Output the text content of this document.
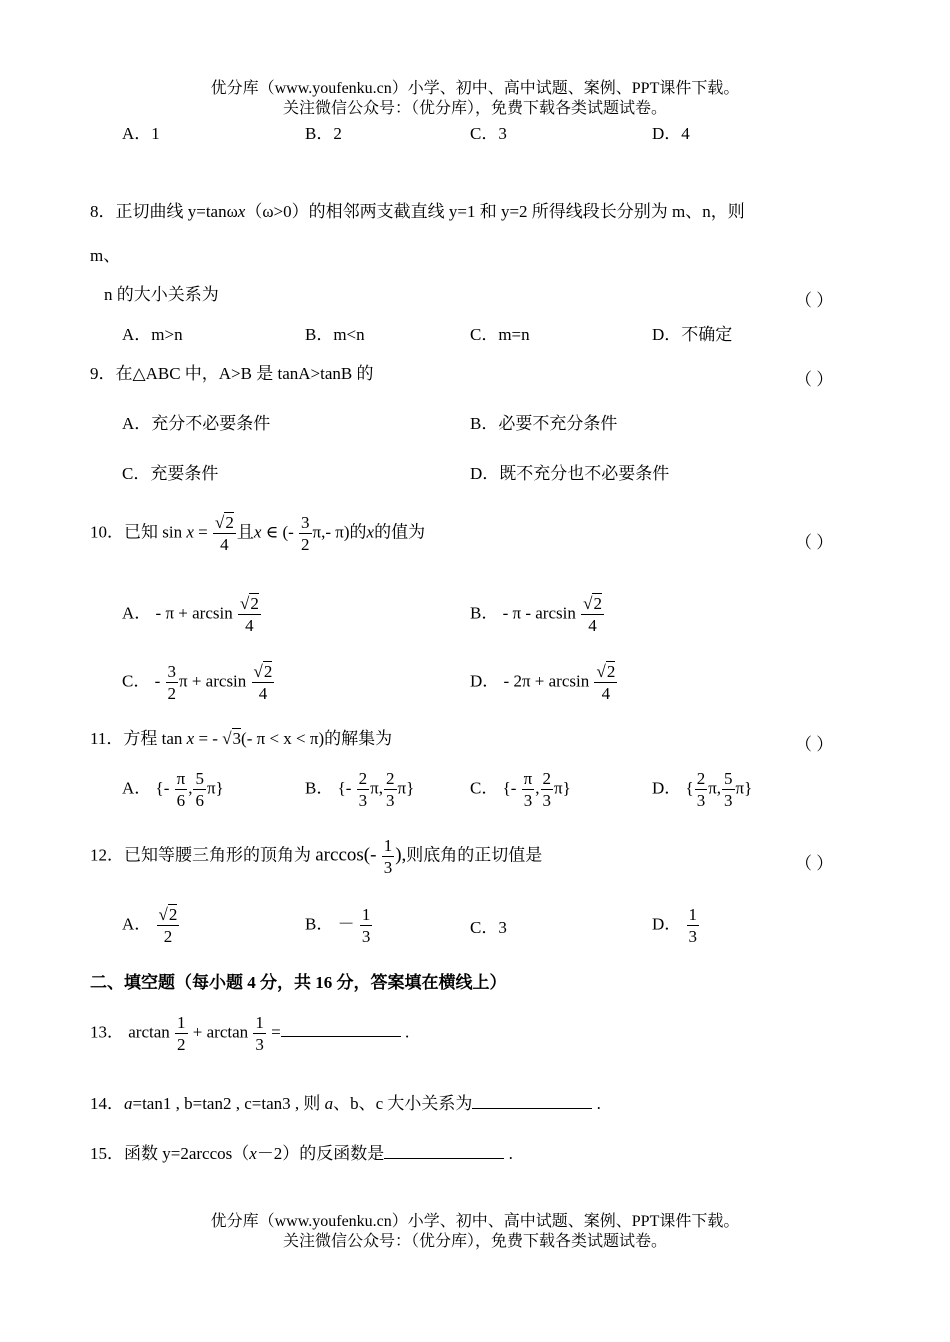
优分库（www.youfenku.cn）小学、初中、高中试题、案例、PPT课件下载。
关注微信公众号：（优分库），免费下载各类试题试卷。
A．1	B．2	C．3	D．4
8．正切曲线 y=tanωx（ω>0）的相邻两支截直线 y=1 和 y=2 所得线段长分别为 m、n，则
m、
n 的大小关系为	（ ）
A．m>n	B．m<n	C．m=n	D．不确定
9．在△ABC 中，A>B 是 tanA>tanB 的	（ ）
A．充分不必要条件	B．必要不充分条件
C．充要条件	D．既不充分也不必要条件
10．已知 $\sin x = \frac{√2}{4}$ 且x ∈ (- $\frac{3}{2} \pi,-$ π)的x的值为
（ ）
A． - $\pi + \arcsin \frac{√2}{4}$	B． - π - $\arcsin \frac{√2}{4}$
C． - $\frac{3}{2}$ $\pi + \arcsin \frac{√2}{4}$	D． - $2\pi + \arcsin \frac{√2}{4}$
11．方程 tan x = - √3(- π < x < π)的解集为	（ ）
A． {- $\frac{\pi}{6}$ , $\frac{5}{6} \pi$}	B． {- $\frac{2}{3} \pi$, $\frac{2}{3} \pi$}	C． {- $\frac{\pi}{3}$ , $\frac{2}{3} \pi$}	D． { $\frac{2}{3} \pi$, $\frac{5}{3} \pi$}
12．已知等腰三角形的顶角为 $\arccos(- \frac{1}{3}$ ),则底角的正切值是	（ ）
A． $\frac{√2}{2}$	B． － $\frac{1}{3}$	C．3	D． $\frac{1}{3}$
二、填空题（每小题 4 分，共 16 分，答案填在横线上）
13． $\arctan \frac{1}{2} + \arctan \frac{1}{3}$ =	.
14．a=tan1 , b=tan2 , c=tan3 , 则 a、b、c 大小关系为	.
15．函数 y=2arccos（x－2）的反函数是	.
优分库（www.youfenku.cn）小学、初中、高中试题、案例、PPT课件下载。
关注微信公众号：（优分库），免费下载各类试题试卷。
